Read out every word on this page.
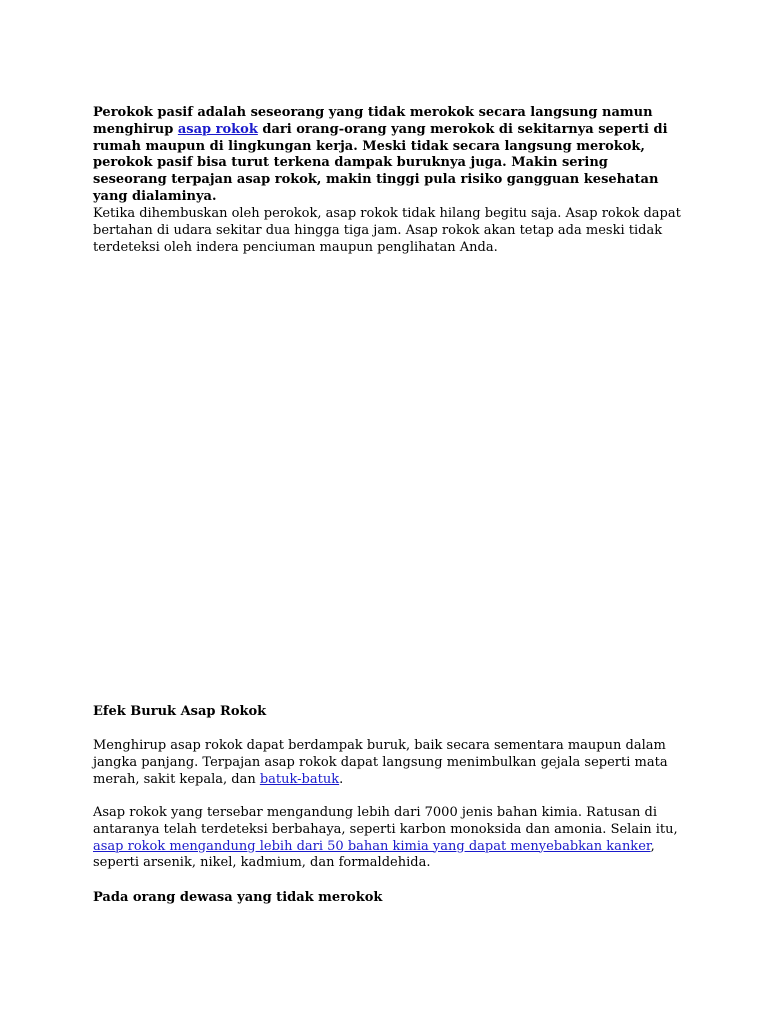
Perokok pasif adalah seseorang yang tidak merokok secara langsung namun menghirup asap rokok dari orang-orang yang merokok di sekitarnya seperti di rumah maupun di lingkungan kerja. Meski tidak secara langsung merokok, perokok pasif bisa turut terkena dampak buruknya juga. Makin sering seseorang terpajan asap rokok, makin tinggi pula risiko gangguan kesehatan yang dialaminya.

Ketika dihembuskan oleh perokok, asap rokok tidak hilang begitu saja. Asap rokok dapat bertahan di udara sekitar dua hingga tiga jam. Asap rokok akan tetap ada meski tidak terdeteksi oleh indera penciuman maupun penglihatan Anda.

Efek Buruk Asap Rokok

Menghirup asap rokok dapat berdampak buruk, baik secara sementara maupun dalam jangka panjang. Terpajan asap rokok dapat langsung menimbulkan gejala seperti mata merah, sakit kepala, dan batuk-batuk.

Asap rokok yang tersebar mengandung lebih dari 7000 jenis bahan kimia. Ratusan di antaranya telah terdeteksi berbahaya, seperti karbon monoksida dan amonia. Selain itu, asap rokok mengandung lebih dari 50 bahan kimia yang dapat menyebabkan kanker, seperti arsenik, nikel, kadmium, dan formaldehida.

Pada orang dewasa yang tidak merokok
